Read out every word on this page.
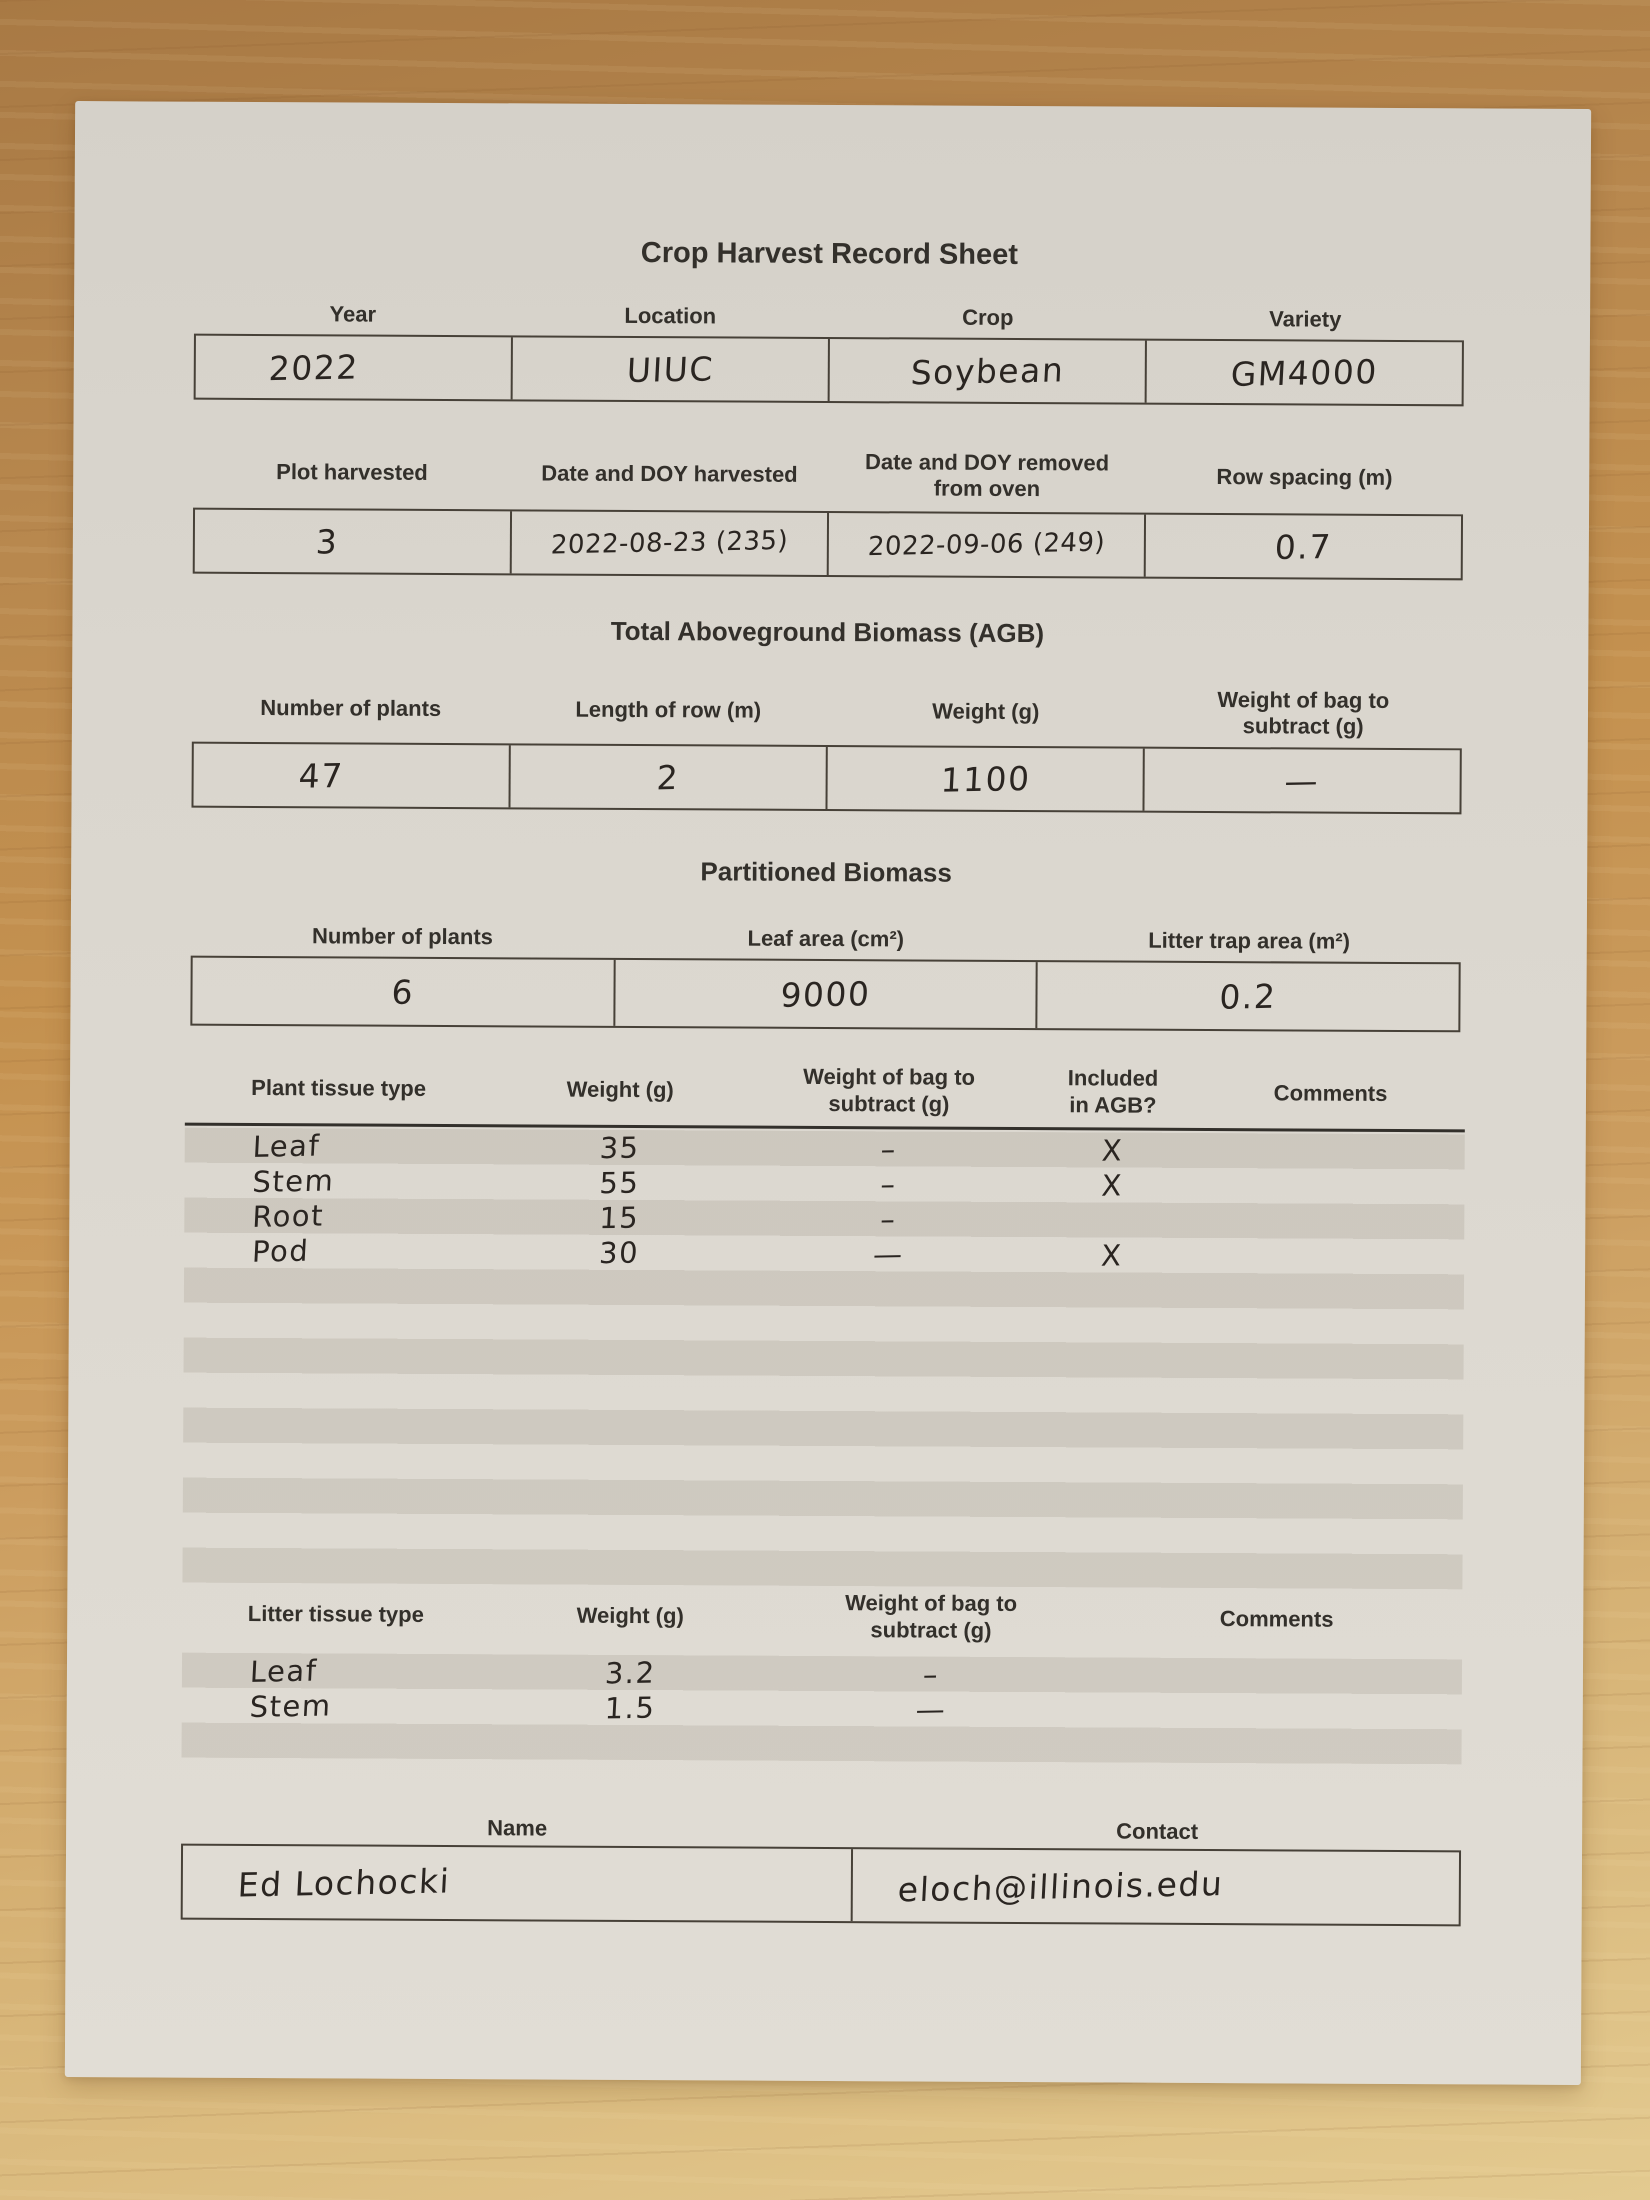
Crop Harvest Record Sheet
Year	Location	Crop	Variety
2022	UIUC	Soybean	GM4000
Plot harvested	Date and DOY harvested	Date and DOY removed
from oven	Row spacing (m)
3	2022-08-23 (235)	2022-09-06 (249)	0.7
Total Aboveground Biomass (AGB)
Number of plants	Length of row (m)	Weight (g)	Weight of bag to
subtract (g)
47	2	1100	—
Partitioned Biomass
Number of plants	Leaf area (cm²)	Litter trap area (m²)
6	9000	0.2
Plant tissue type	Weight (g)	Weight of bag to
subtract (g)
Included
in AGB?	Comments
Leaf	35	–	X
Stem	55	–	X
Root	15	–
Pod	30	—	X
Litter tissue type	Weight (g)	Weight of bag to
subtract (g)	Comments
Leaf	3.2	–
Stem	1.5	—
Name	Contact
Ed Lochocki	eloch@illinois.edu
